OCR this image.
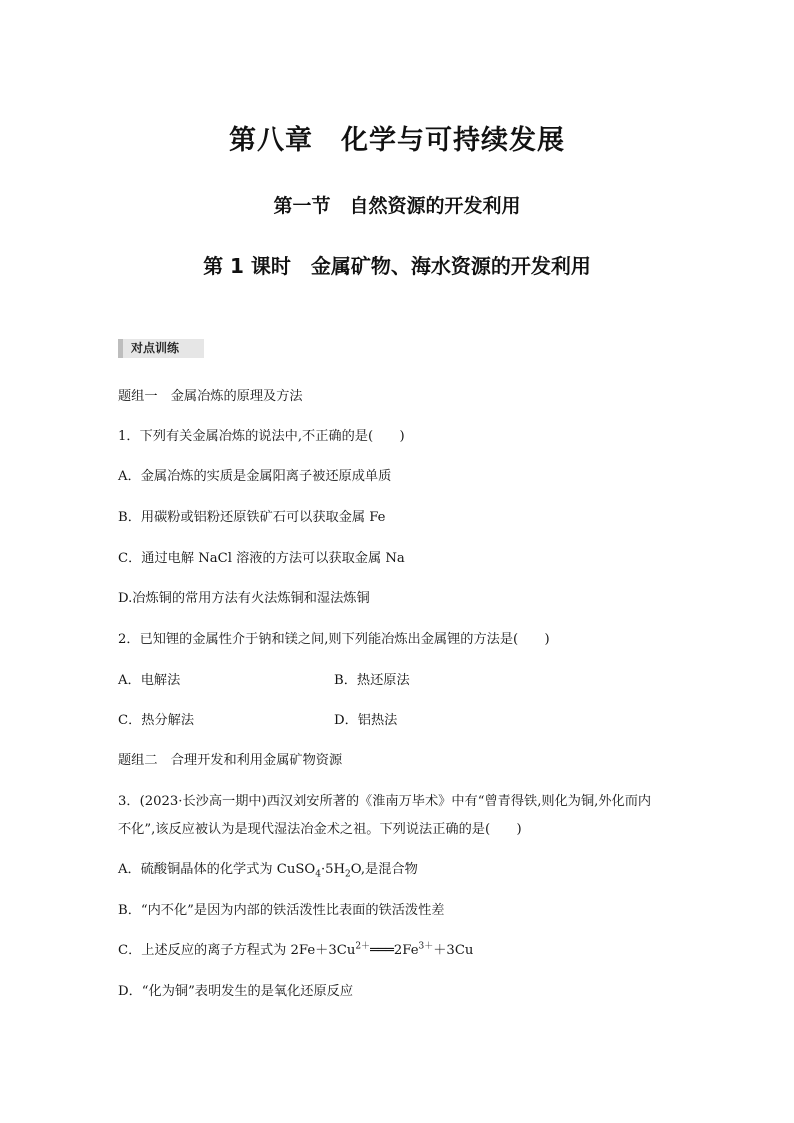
第八章　化学与可持续发展
第一节　自然资源的开发利用
第 1 课时　金属矿物、海水资源的开发利用
对点训练
题组一　金属冶炼的原理及方法
1．下列有关金属冶炼的说法中,不正确的是(　　)
A．金属冶炼的实质是金属阳离子被还原成单质
B．用碳粉或铝粉还原铁矿石可以获取金属 Fe
C．通过电解 NaCl 溶液的方法可以获取金属 Na
D.冶炼铜的常用方法有火法炼铜和湿法炼铜
2．已知锂的金属性介于钠和镁之间,则下列能冶炼出金属锂的方法是(　　)
A．电解法	B．热还原法
C．热分解法	D．铝热法
题组二　合理开发和利用金属矿物资源
3．(2023·长沙高一期中)西汉刘安所著的《淮南万毕术》中有“曾青得铁,则化为铜,外化而内
不化”,该反应被认为是现代湿法冶金术之祖。下列说法正确的是(　　)
A．硫酸铜晶体的化学式为 $CuSO_4\cdot 5H_2O$,是混合物
B．“内不化”是因为内部的铁活泼性比表面的铁活泼性差
C．上述反应的离子方程式为 $2Fe+3Cu^{2+}═══2Fe^{3+}+3Cu$
D．“化为铜”表明发生的是氧化还原反应
